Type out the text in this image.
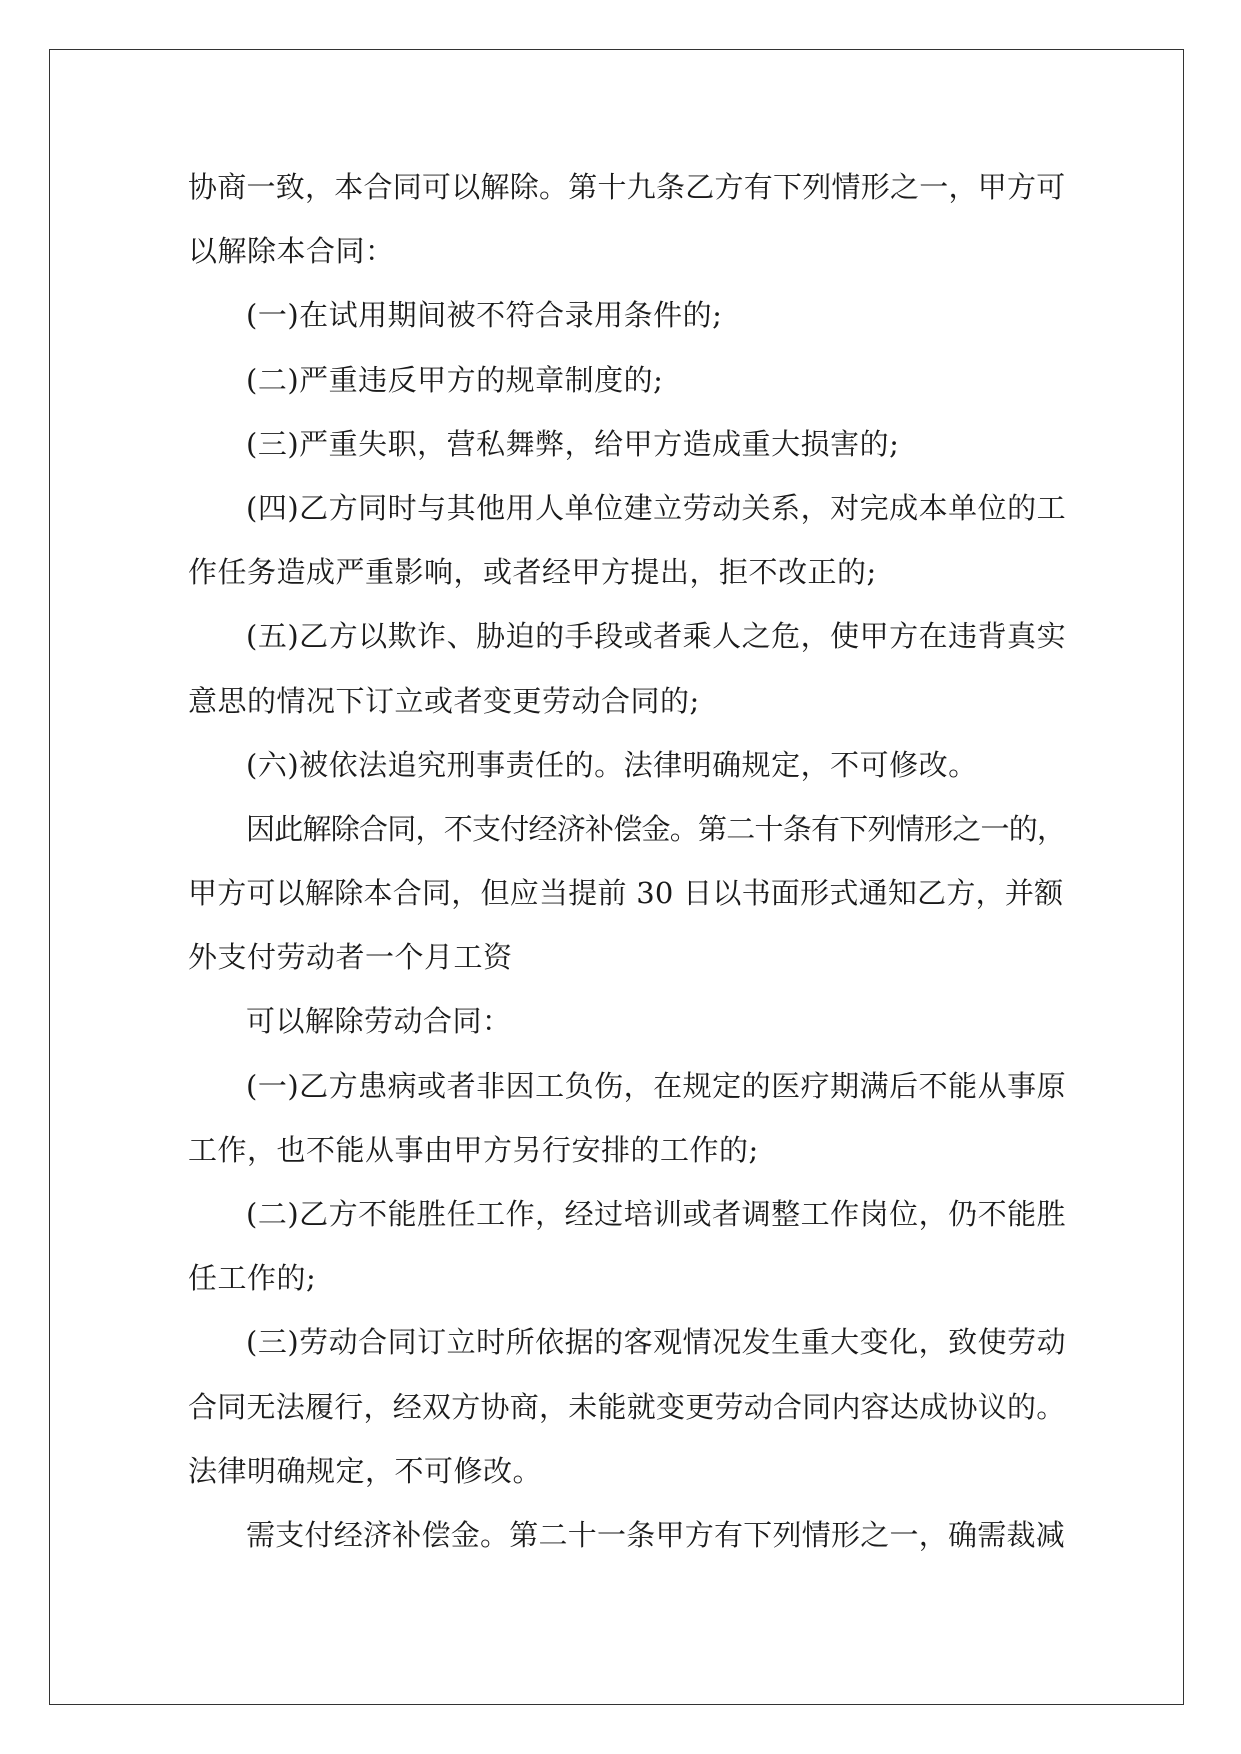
协商一致，本合同可以解除。第十九条乙方有下列情形之一，甲方可
以解除本合同：
(一)在试用期间被不符合录用条件的;
(二)严重违反甲方的规章制度的;
(三)严重失职，营私舞弊，给甲方造成重大损害的;
(四)乙方同时与其他用人单位建立劳动关系，对完成本单位的工
作任务造成严重影响，或者经甲方提出，拒不改正的;
(五)乙方以欺诈、胁迫的手段或者乘人之危，使甲方在违背真实
意思的情况下订立或者变更劳动合同的;
(六)被依法追究刑事责任的。法律明确规定，不可修改。
因此解除合同，不支付经济补偿金。第二十条有下列情形之一的，
甲方可以解除本合同，但应当提前 30 日以书面形式通知乙方，并额
外支付劳动者一个月工资
可以解除劳动合同：
(一)乙方患病或者非因工负伤，在规定的医疗期满后不能从事原
工作，也不能从事由甲方另行安排的工作的;
(二)乙方不能胜任工作，经过培训或者调整工作岗位，仍不能胜
任工作的;
(三)劳动合同订立时所依据的客观情况发生重大变化，致使劳动
合同无法履行，经双方协商，未能就变更劳动合同内容达成协议的。
法律明确规定，不可修改。
需支付经济补偿金。第二十一条甲方有下列情形之一，确需裁减
